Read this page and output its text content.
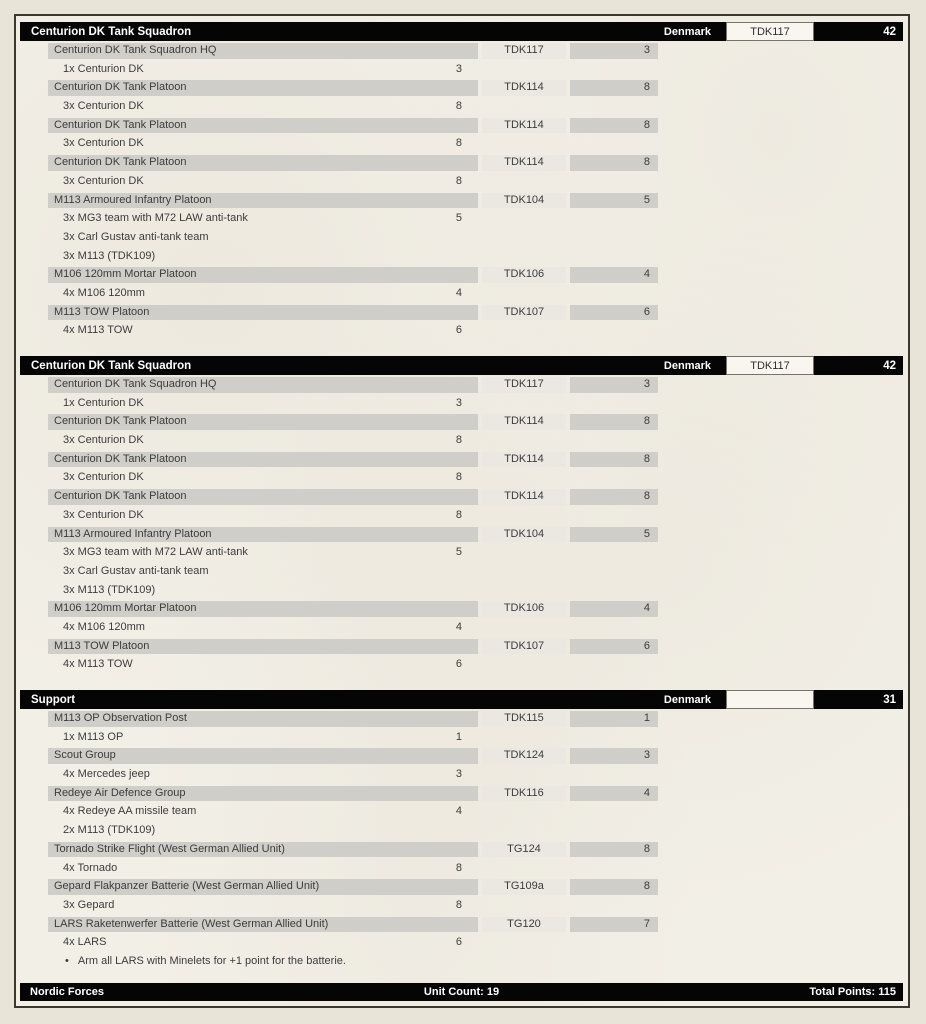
Centurion DK Tank Squadron	Denmark	TDK117	42
Centurion DK Tank Squadron HQ	TDK117	3
1x Centurion DK	3
Centurion DK Tank Platoon	TDK114	8
3x Centurion DK	8
Centurion DK Tank Platoon	TDK114	8
3x Centurion DK	8
Centurion DK Tank Platoon	TDK114	8
3x Centurion DK	8
M113 Armoured Infantry Platoon	TDK104	5
3x MG3 team with M72 LAW anti-tank	5
3x Carl Gustav anti-tank team
3x M113 (TDK109)
M106 120mm Mortar Platoon	TDK106	4
4x M106 120mm	4
M113 TOW Platoon	TDK107	6
4x M113 TOW	6
Centurion DK Tank Squadron	Denmark	TDK117	42
Centurion DK Tank Squadron HQ	TDK117	3
1x Centurion DK	3
Centurion DK Tank Platoon	TDK114	8
3x Centurion DK	8
Centurion DK Tank Platoon	TDK114	8
3x Centurion DK	8
Centurion DK Tank Platoon	TDK114	8
3x Centurion DK	8
M113 Armoured Infantry Platoon	TDK104	5
3x MG3 team with M72 LAW anti-tank	5
3x Carl Gustav anti-tank team
3x M113 (TDK109)
M106 120mm Mortar Platoon	TDK106	4
4x M106 120mm	4
M113 TOW Platoon	TDK107	6
4x M113 TOW	6
Support	Denmark	31
M113 OP Observation Post	TDK115	1
1x M113 OP	1
Scout Group	TDK124	3
4x Mercedes jeep	3
Redeye Air Defence Group	TDK116	4
4x Redeye AA missile team	4
2x M113 (TDK109)
Tornado Strike Flight (West German Allied Unit)	TG124	8
4x Tornado	8
Gepard Flakpanzer Batterie (West German Allied Unit)	TG109a	8
3x Gepard	8
LARS Raketenwerfer Batterie (West German Allied Unit)	TG120	7
4x LARS	6
• Arm all LARS with Minelets for +1 point for the batterie.
Nordic Forces	Unit Count: 19	Total Points: 115
